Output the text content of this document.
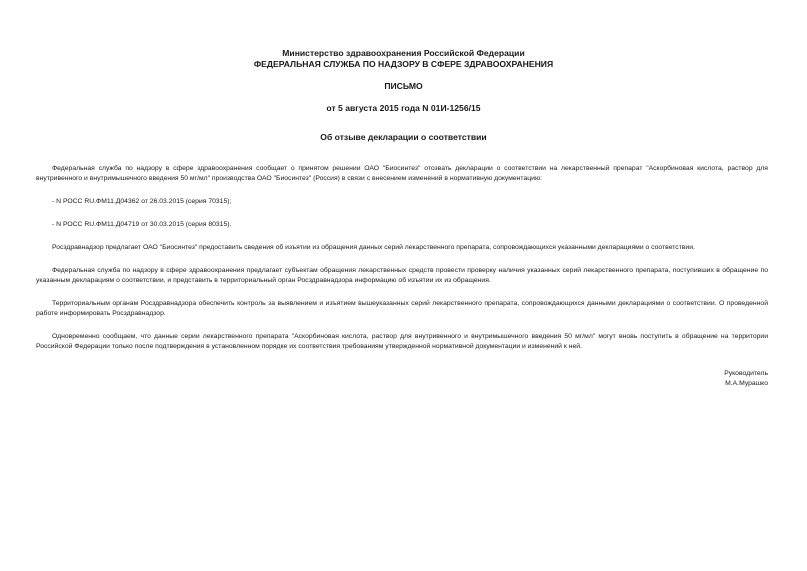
Министерство здравоохранения Российской Федерации
ФЕДЕРАЛЬНАЯ СЛУЖБА ПО НАДЗОРУ В СФЕРЕ ЗДРАВООХРАНЕНИЯ
ПИСЬМО
от 5 августа 2015 года N 01И-1256/15
Об отзыве декларации о соответствии

Федеральная служба по надзору в сфере здравоохранения сообщает о принятом решении ОАО "Биосинтез" отозвать декларации о соответствии на лекарственный препарат "Аскорбиновая кислота, раствор для внутривенного и внутримышечного введения 50 мг/мл" производства ОАО "Биосинтез" (Россия) в связи с внесением изменений в нормативную документацию:

- N РОСС RU.ФМ11.Д04362 от 26.03.2015 (серия 70315);

- N РОСС RU.ФМ11.Д04719 от 30.03.2015 (серия 80315).

Росздравнадзор предлагает ОАО "Биосинтез" предоставить сведения об изъятии из обращения данных серий лекарственного препарата, сопровождающихся указанными декларациями о соответствии.

Федеральная служба по надзору в сфере здравоохранения предлагает субъектам обращения лекарственных средств провести проверку наличия указанных серий лекарственного препарата, поступивших в обращение по указанным декларациям о соответствии, и представить в территориальный орган Росздравнадзора информацию об изъятии их из обращения.

Территориальным органам Росздравнадзора обеспечить контроль за выявлением и изъятием вышеуказанных серий лекарственного препарата, сопровождающихся данными декларациями о соответствии. О проведенной работе информировать Росздравнадзор.

Одновременно сообщаем, что данные серии лекарственного препарата "Аскорбиновая кислота, раствор для внутривенного и внутримышечного введения 50 мг/мл" могут вновь поступить в обращение на территории Российской Федерации только после подтверждения в установленном порядке их соответствия требованиям утвержденной нормативной документации и изменений к ней.

Руководитель
М.А.Мурашко
